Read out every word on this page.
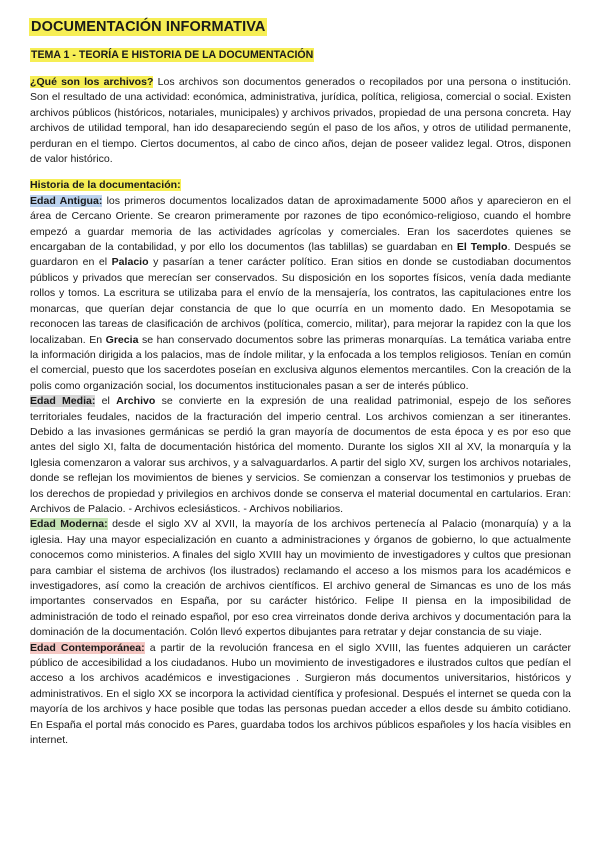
DOCUMENTACIÓN INFORMATIVA
TEMA 1 - TEORÍA E HISTORIA DE LA DOCUMENTACIÓN

¿Qué son los archivos? Los archivos son documentos generados o recopilados por una persona o institución. Son el resultado de una actividad: económica, administrativa, jurídica, política, religiosa, comercial o social. Existen archivos públicos (históricos, notariales, municipales) y archivos privados, propiedad de una persona concreta. Hay archivos de utilidad temporal, han ido desapareciendo según el paso de los años, y otros de utilidad permanente, perduran en el tiempo. Ciertos documentos, al cabo de cinco años, dejan de poseer validez legal. Otros, disponen de valor histórico.

Historia de la documentación:

Edad Antigua: los primeros documentos localizados datan de aproximadamente 5000 años y aparecieron en el área de Cercano Oriente. Se crearon primeramente por razones de tipo económico-religioso, cuando el hombre empezó a guardar memoria de las actividades agrícolas y comerciales. Eran los sacerdotes quienes se encargaban de la contabilidad, y por ello los documentos (las tablillas) se guardaban en El Templo. Después se guardaron en el Palacio y pasarían a tener carácter político. Eran sitios en donde se custodiaban documentos públicos y privados que merecían ser conservados. Su disposición en los soportes físicos, venía dada mediante rollos y tomos. La escritura se utilizaba para el envío de la mensajería, los contratos, las capitulaciones entre los monarcas, que querían dejar constancia de que lo que ocurría en un momento dado. En Mesopotamia se reconocen las tareas de clasificación de archivos (política, comercio, militar), para mejorar la rapidez con la que los localizaban. En Grecia se han conservado documentos sobre las primeras monarquías. La temática variaba entre la información dirigida a los palacios, mas de índole militar, y la enfocada a los templos religiosos. Tenían en común el comercial, puesto que los sacerdotes poseían en exclusiva algunos elementos mercantiles. Con la creación de la polis como organización social, los documentos institucionales pasan a ser de interés público.

Edad Media: el Archivo se convierte en la expresión de una realidad patrimonial, espejo de los señores territoriales feudales, nacidos de la fracturación del imperio central. Los archivos comienzan a ser itinerantes. Debido a las invasiones germánicas se perdió la gran mayoría de documentos de esta época y es por eso que antes del siglo XI, falta de documentación histórica del momento. Durante los siglos XII al XV, la monarquía y la Iglesia comenzaron a valorar sus archivos, y a salvaguardarlos. A partir del siglo XV, surgen los archivos notariales, donde se reflejan los movimientos de bienes y servicios. Se comienzan a conservar los testimonios y pruebas de los derechos de propiedad y privilegios en archivos donde se conserva el material documental en cartularios. Eran: Archivos de Palacio. - Archivos eclesiásticos. - Archivos nobiliarios.

Edad Moderna: desde el siglo XV al XVII, la mayoría de los archivos pertenecía al Palacio (monarquía) y a la iglesia. Hay una mayor especialización en cuanto a administraciones y órganos de gobierno, lo que actualmente conocemos como ministerios. A finales del siglo XVIII hay un movimiento de investigadores y cultos que presionan para cambiar el sistema de archivos (los ilustrados) reclamando el acceso a los mismos para los académicos e investigadores, así como la creación de archivos científicos. El archivo general de Simancas es uno de los más importantes conservados en España, por su carácter histórico. Felipe II piensa en la imposibilidad de administración de todo el reinado español, por eso crea virreinatos donde deriva archivos y documentación para la dominación de la documentación. Colón llevó expertos dibujantes para retratar y dejar constancia de su viaje.

Edad Contemporánea: a partir de la revolución francesa en el siglo XVIII, las fuentes adquieren un carácter público de accesibilidad a los ciudadanos. Hubo un movimiento de investigadores e ilustrados cultos que pedían el acceso a los archivos académicos e investigaciones . Surgieron más documentos universitarios, históricos y administrativos. En el siglo XX se incorpora la actividad científica y profesional. Después el internet se queda con la mayoría de los archivos y hace posible que todas las personas puedan acceder a ellos desde su ámbito cotidiano. En España el portal más conocido es Pares, guardaba todos los archivos públicos españoles y los hacía visibles en internet.
